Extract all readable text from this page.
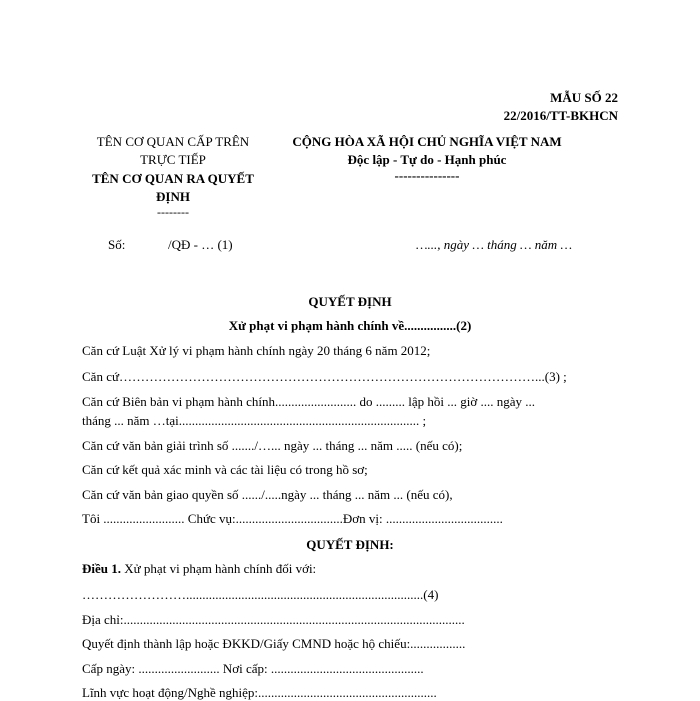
MẪU SỐ 22
22/2016/TT-BKHCN
TÊN CƠ QUAN CẤP TRÊN
TRỰC TIẾP
TÊN CƠ QUAN RA QUYẾT
ĐỊNH
--------
CỘNG HÒA XÃ HỘI CHỦ NGHĨA VIỆT NAM
Độc lập - Tự do - Hạnh phúc
---------------
Số:	/QĐ - … (1)	…..., ngày … tháng … năm …
QUYẾT ĐỊNH
Xử phạt vi phạm hành chính về................(2)
Căn cứ Luật Xử lý vi phạm hành chính ngày 20 tháng 6 năm 2012;
Căn cứ……………………………………………………………………………………...(3) ;
Căn cứ Biên bản vi phạm hành chính......................... do ......... lập hồi ... giờ .... ngày ...
tháng ... năm …tại.......................................................................... ;
Căn cứ văn bản giải trình số ......./…... ngày ... tháng ... năm ..... (nếu có);
Căn cứ kết quả xác minh và các tài liệu có trong hồ sơ;
Căn cứ văn bản giao quyền số ....../.....ngày ... tháng ... năm ... (nếu có),
Tôi ......................... Chức vụ:.................................Đơn vị: ....................................
QUYẾT ĐỊNH:
Điều 1. Xử phạt vi phạm hành chính đối với:
…………………….........................................................................(4)
Địa chỉ:.........................................................................................................
Quyết định thành lập hoặc ĐKKD/Giấy CMND hoặc hộ chiếu:.................
Cấp ngày: ......................... Nơi cấp: ...............................................
Lĩnh vực hoạt động/Nghề nghiệp:.......................................................
